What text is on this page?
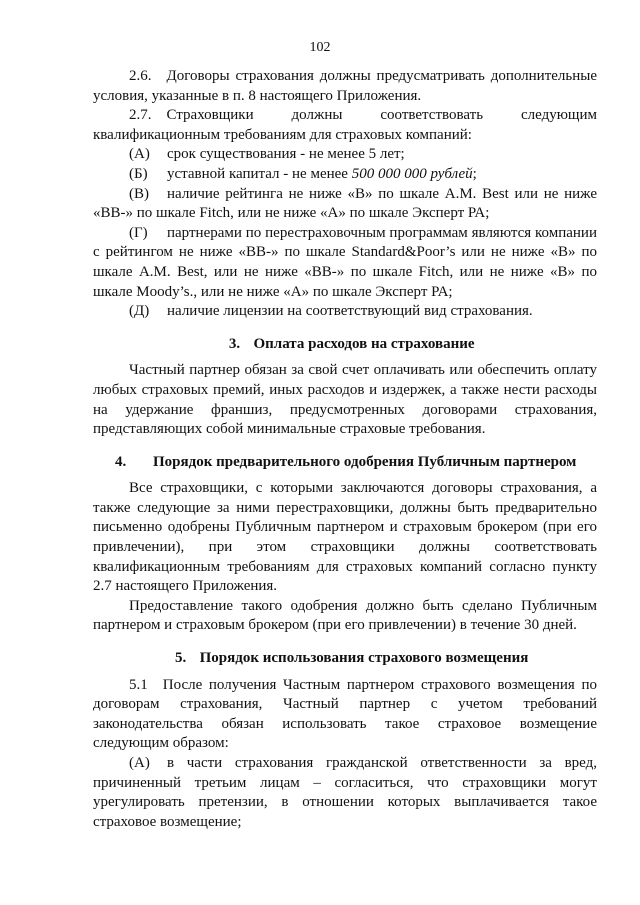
102

2.6. Договоры страхования должны предусматривать дополнительные условия, указанные в п. 8 настоящего Приложения.

2.7. Страховщики должны соответствовать следующим

квалификационным требованиям для страховых компаний:

(А) срок существования - не менее 5 лет;

(Б) уставной капитал - не менее 500 000 000 рублей;

(В) наличие рейтинга не ниже «В» по шкале A.M. Best или не ниже «ВВ-» по шкале Fitch, или не ниже «А» по шкале Эксперт РА;

(Г) партнерами по перестраховочным программам являются компании с рейтингом не ниже «ВВ-» по шкале Standard&Poor’s или не ниже «В» по шкале A.M. Best, или не ниже «ВВ-» по шкале Fitch, или не ниже «В» по шкале Moody’s., или не ниже «А» по шкале Эксперт РА;

(Д) наличие лицензии на соответствующий вид страхования.

3. Оплата расходов на страхование

Частный партнер обязан за свой счет оплачивать или обеспечить оплату любых страховых премий, иных расходов и издержек, а также нести расходы на удержание франшиз, предусмотренных договорами страхования, представляющих собой минимальные страховые требования.

4. Порядок предварительного одобрения Публичным партнером

Все страховщики, с которыми заключаются договоры страхования, а также следующие за ними перестраховщики, должны быть предварительно письменно одобрены Публичным партнером и страховым брокером (при его привлечении), при этом страховщики должны соответствовать квалификационным требованиям для страховых компаний согласно пункту 2.7 настоящего Приложения.

Предоставление такого одобрения должно быть сделано Публичным партнером и страховым брокером (при его привлечении) в течение 30 дней.

5. Порядок использования страхового возмещения

5.1 После получения Частным партнером страхового возмещения по договорам страхования, Частный партнер с учетом требований законодательства обязан использовать такое страховое возмещение следующим образом:

(А) в части страхования гражданской ответственности за вред, причиненный третьим лицам – согласиться, что страховщики могут урегулировать претензии, в отношении которых выплачивается такое страховое возмещение;
